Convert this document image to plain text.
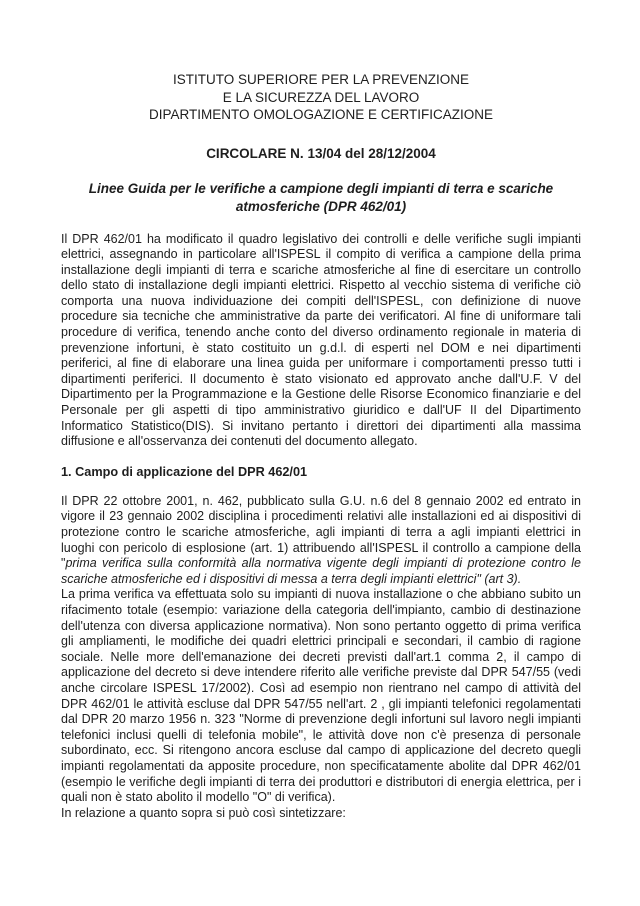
ISTITUTO SUPERIORE PER LA PREVENZIONE

E LA SICUREZZA DEL LAVORO

DIPARTIMENTO OMOLOGAZIONE E CERTIFICAZIONE

CIRCOLARE N. 13/04 del 28/12/2004

Linee Guida per le verifiche a campione degli impianti di terra e scariche atmosferiche (DPR 462/01)

Il DPR 462/01 ha modificato il quadro legislativo dei controlli e delle verifiche sugli impianti elettrici, assegnando in particolare all'ISPESL il compito di verifica a campione della prima installazione degli impianti di terra e scariche atmosferiche al fine di esercitare un controllo dello stato di installazione degli impianti elettrici. Rispetto al vecchio sistema di verifiche ciò comporta una nuova individuazione dei compiti dell'ISPESL, con definizione di nuove procedure sia tecniche che amministrative da parte dei verificatori. Al fine di uniformare tali procedure di verifica, tenendo anche conto del diverso ordinamento regionale in materia di prevenzione infortuni, è stato costituito un g.d.l. di esperti nel DOM e nei dipartimenti periferici, al fine di elaborare una linea guida per uniformare i comportamenti presso tutti i dipartimenti periferici. Il documento è stato visionato ed approvato anche dall'U.F. V del Dipartimento per la Programmazione e la Gestione delle Risorse Economico finanziarie e del Personale per gli aspetti di tipo amministrativo giuridico e dall'UF II del Dipartimento Informatico Statistico(DIS). Si invitano pertanto i direttori dei dipartimenti alla massima diffusione e all'osservanza dei contenuti del documento allegato.

1. Campo di applicazione del DPR 462/01

Il DPR 22 ottobre 2001, n. 462, pubblicato sulla G.U. n.6 del 8 gennaio 2002 ed entrato in vigore il 23 gennaio 2002 disciplina i procedimenti relativi alle installazioni ed ai dispositivi di protezione contro le scariche atmosferiche, agli impianti di terra a agli impianti elettrici in luoghi con pericolo di esplosione (art. 1) attribuendo all'ISPESL il controllo a campione della "prima verifica sulla conformità alla normativa vigente degli impianti di protezione contro le scariche atmosferiche ed i dispositivi di messa a terra degli impianti elettrici" (art 3).

La prima verifica va effettuata solo su impianti di nuova installazione o che abbiano subito un rifacimento totale (esempio: variazione della categoria dell'impianto, cambio di destinazione dell'utenza con diversa applicazione normativa). Non sono pertanto oggetto di prima verifica gli ampliamenti, le modifiche dei quadri elettrici principali e secondari, il cambio di ragione sociale. Nelle more dell'emanazione dei decreti previsti dall'art.1 comma 2, il campo di applicazione del decreto si deve intendere riferito alle verifiche previste dal DPR 547/55 (vedi anche circolare ISPESL 17/2002). Così ad esempio non rientrano nel campo di attività del DPR 462/01 le attività escluse dal DPR 547/55 nell'art. 2 , gli impianti telefonici regolamentati dal DPR 20 marzo 1956 n. 323 "Norme di prevenzione degli infortuni sul lavoro negli impianti telefonici inclusi quelli di telefonia mobile", le attività dove non c'è presenza di personale subordinato, ecc. Si ritengono ancora escluse dal campo di applicazione del decreto quegli impianti regolamentati da apposite procedure, non specificatamente abolite dal DPR 462/01 (esempio le verifiche degli impianti di terra dei produttori e distributori di energia elettrica, per i quali non è stato abolito il modello "O" di verifica).

In relazione a quanto sopra si può così sintetizzare:
